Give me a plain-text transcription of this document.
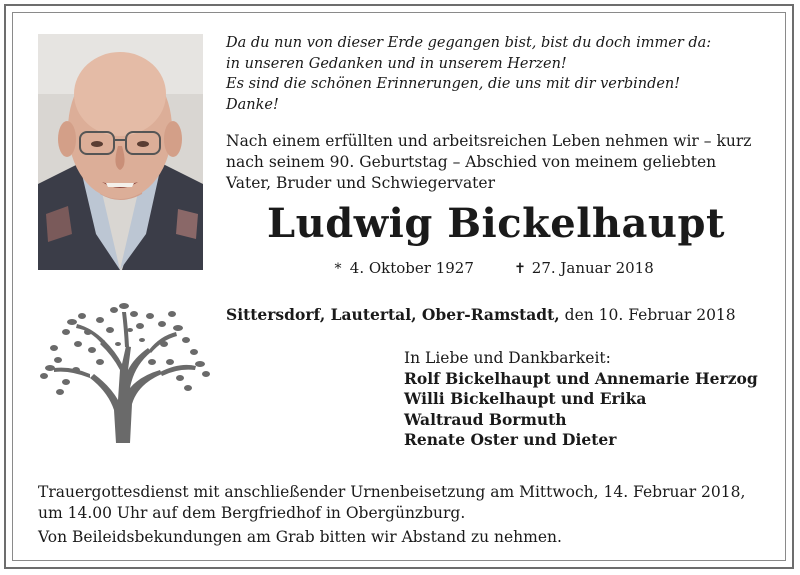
Da du nun von dieser Erde gegangen bist, bist du doch immer da:
in unseren Gedanken und in unserem Herzen!
Es sind die schönen Erinnerungen, die uns mit dir verbinden!
Danke!
Nach einem erfüllten und arbeitsreichen Leben nehmen wir – kurz
nach seinem 90. Geburtstag – Abschied von meinem geliebten
Vater, Bruder und Schwiegervater
Ludwig Bickelhaupt
* 4. Oktober 1927	✝ 27. Januar 2018
Sittersdorf, Lautertal, Ober-Ramstadt, den 10. Februar 2018
In Liebe und Dankbarkeit:
Rolf Bickelhaupt und Annemarie Herzog
Willi Bickelhaupt und Erika
Waltraud Bormuth
Renate Oster und Dieter
Trauergottesdienst mit anschließender Urnenbeisetzung am Mittwoch, 14. Februar 2018,
um 14.00 Uhr auf dem Bergfriedhof in Obergünzburg.
Von Beileidsbekundungen am Grab bitten wir Abstand zu nehmen.
